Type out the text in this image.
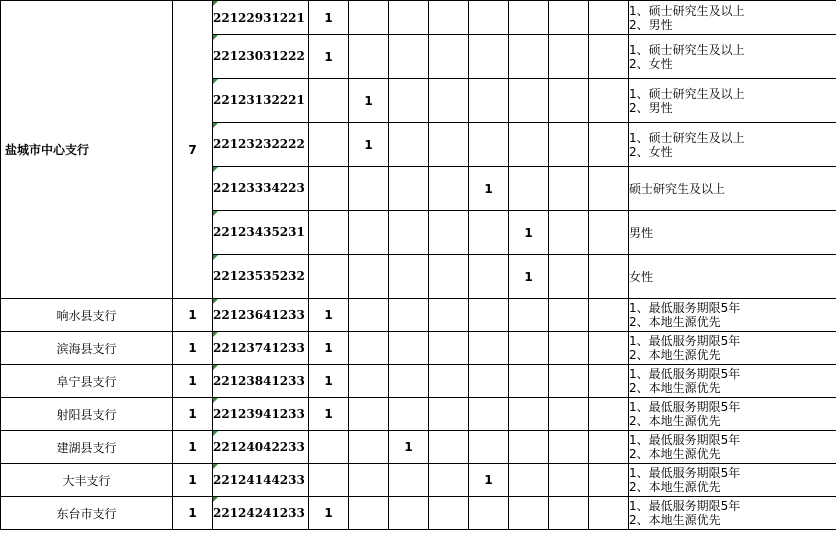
盐城市中心支行	7	22122931221	1								1、硕士研究生及以上
2、男性
		22123031222	1								1、硕士研究生及以上
2、女性
		22123132221		1							1、硕士研究生及以上
2、男性
		22123232222		1							1、硕士研究生及以上
2、女性
		22123334223					1				硕士研究生及以上
		22123435231						1			男性
		22123535232						1			女性
响水县支行	1	22123641233	1								1、最低服务期限5年
2、本地生源优先
滨海县支行	1	22123741233	1								1、最低服务期限5年
2、本地生源优先
阜宁县支行	1	22123841233	1								1、最低服务期限5年
2、本地生源优先
射阳县支行	1	22123941233	1								1、最低服务期限5年
2、本地生源优先
建湖县支行	1	22124042233			1						1、最低服务期限5年
2、本地生源优先
大丰支行	1	22124144233					1				1、最低服务期限5年
2、本地生源优先
东台市支行	1	22124241233	1								1、最低服务期限5年
2、本地生源优先
